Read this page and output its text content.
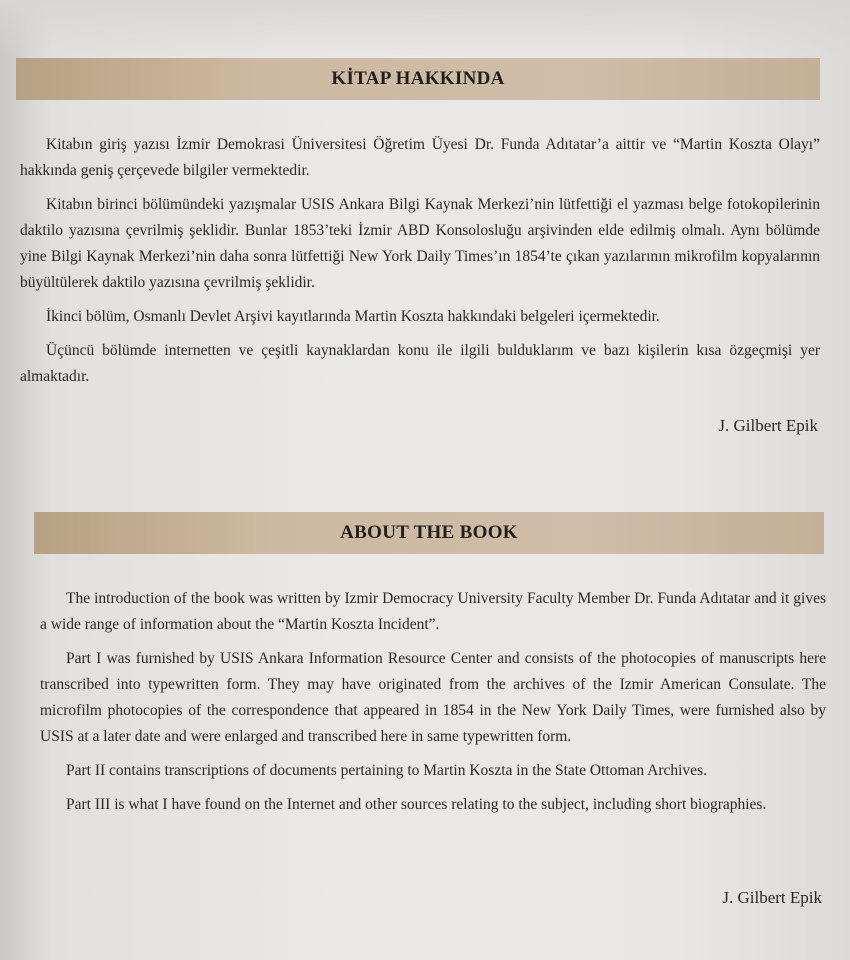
KİTAP HAKKINDA

Kitabın giriş yazısı İzmir Demokrasi Üniversitesi Öğretim Üyesi Dr. Funda Adıtatar’a aittir ve “Martin Koszta Olayı” hakkında geniş çerçevede bilgiler vermektedir.

Kitabın birinci bölümündeki yazışmalar USIS Ankara Bilgi Kaynak Merkezi’nin lütfettiği el yazması belge fotokopilerinin daktilo yazısına çevrilmiş şeklidir. Bunlar 1853’teki İzmir ABD Konsolosluğu arşivinden elde edilmiş olmalı. Aynı bölümde yine Bilgi Kaynak Merkezi’nin daha sonra lütfettiği New York Daily Times’ın 1854’te çıkan yazılarının mikrofilm kopyalarının büyültülerek daktilo yazısına çevrilmiş şeklidir.

İkinci bölüm, Osmanlı Devlet Arşivi kayıtlarında Martin Koszta hakkındaki belgeleri içermektedir.

Üçüncü bölümde internetten ve çeşitli kaynaklardan konu ile ilgili bulduklarım ve bazı kişilerin kısa özgeçmişi yer almaktadır.

J. Gilbert Epik
ABOUT THE BOOK

The introduction of the book was written by Izmir Democracy University Faculty Member Dr. Funda Adıtatar and it gives a wide range of information about the “Martin Koszta Incident”.

Part I was furnished by USIS Ankara Information Resource Center and consists of the photocopies of manuscripts here transcribed into typewritten form. They may have originated from the archives of the Izmir American Consulate. The microfilm photocopies of the correspondence that appeared in 1854 in the New York Daily Times, were furnished also by USIS at a later date and were enlarged and transcribed here in same typewritten form.

Part II contains transcriptions of documents pertaining to Martin Koszta in the State Ottoman Archives.

Part III is what I have found on the Internet and other sources relating to the subject, including short biographies.

J. Gilbert Epik
